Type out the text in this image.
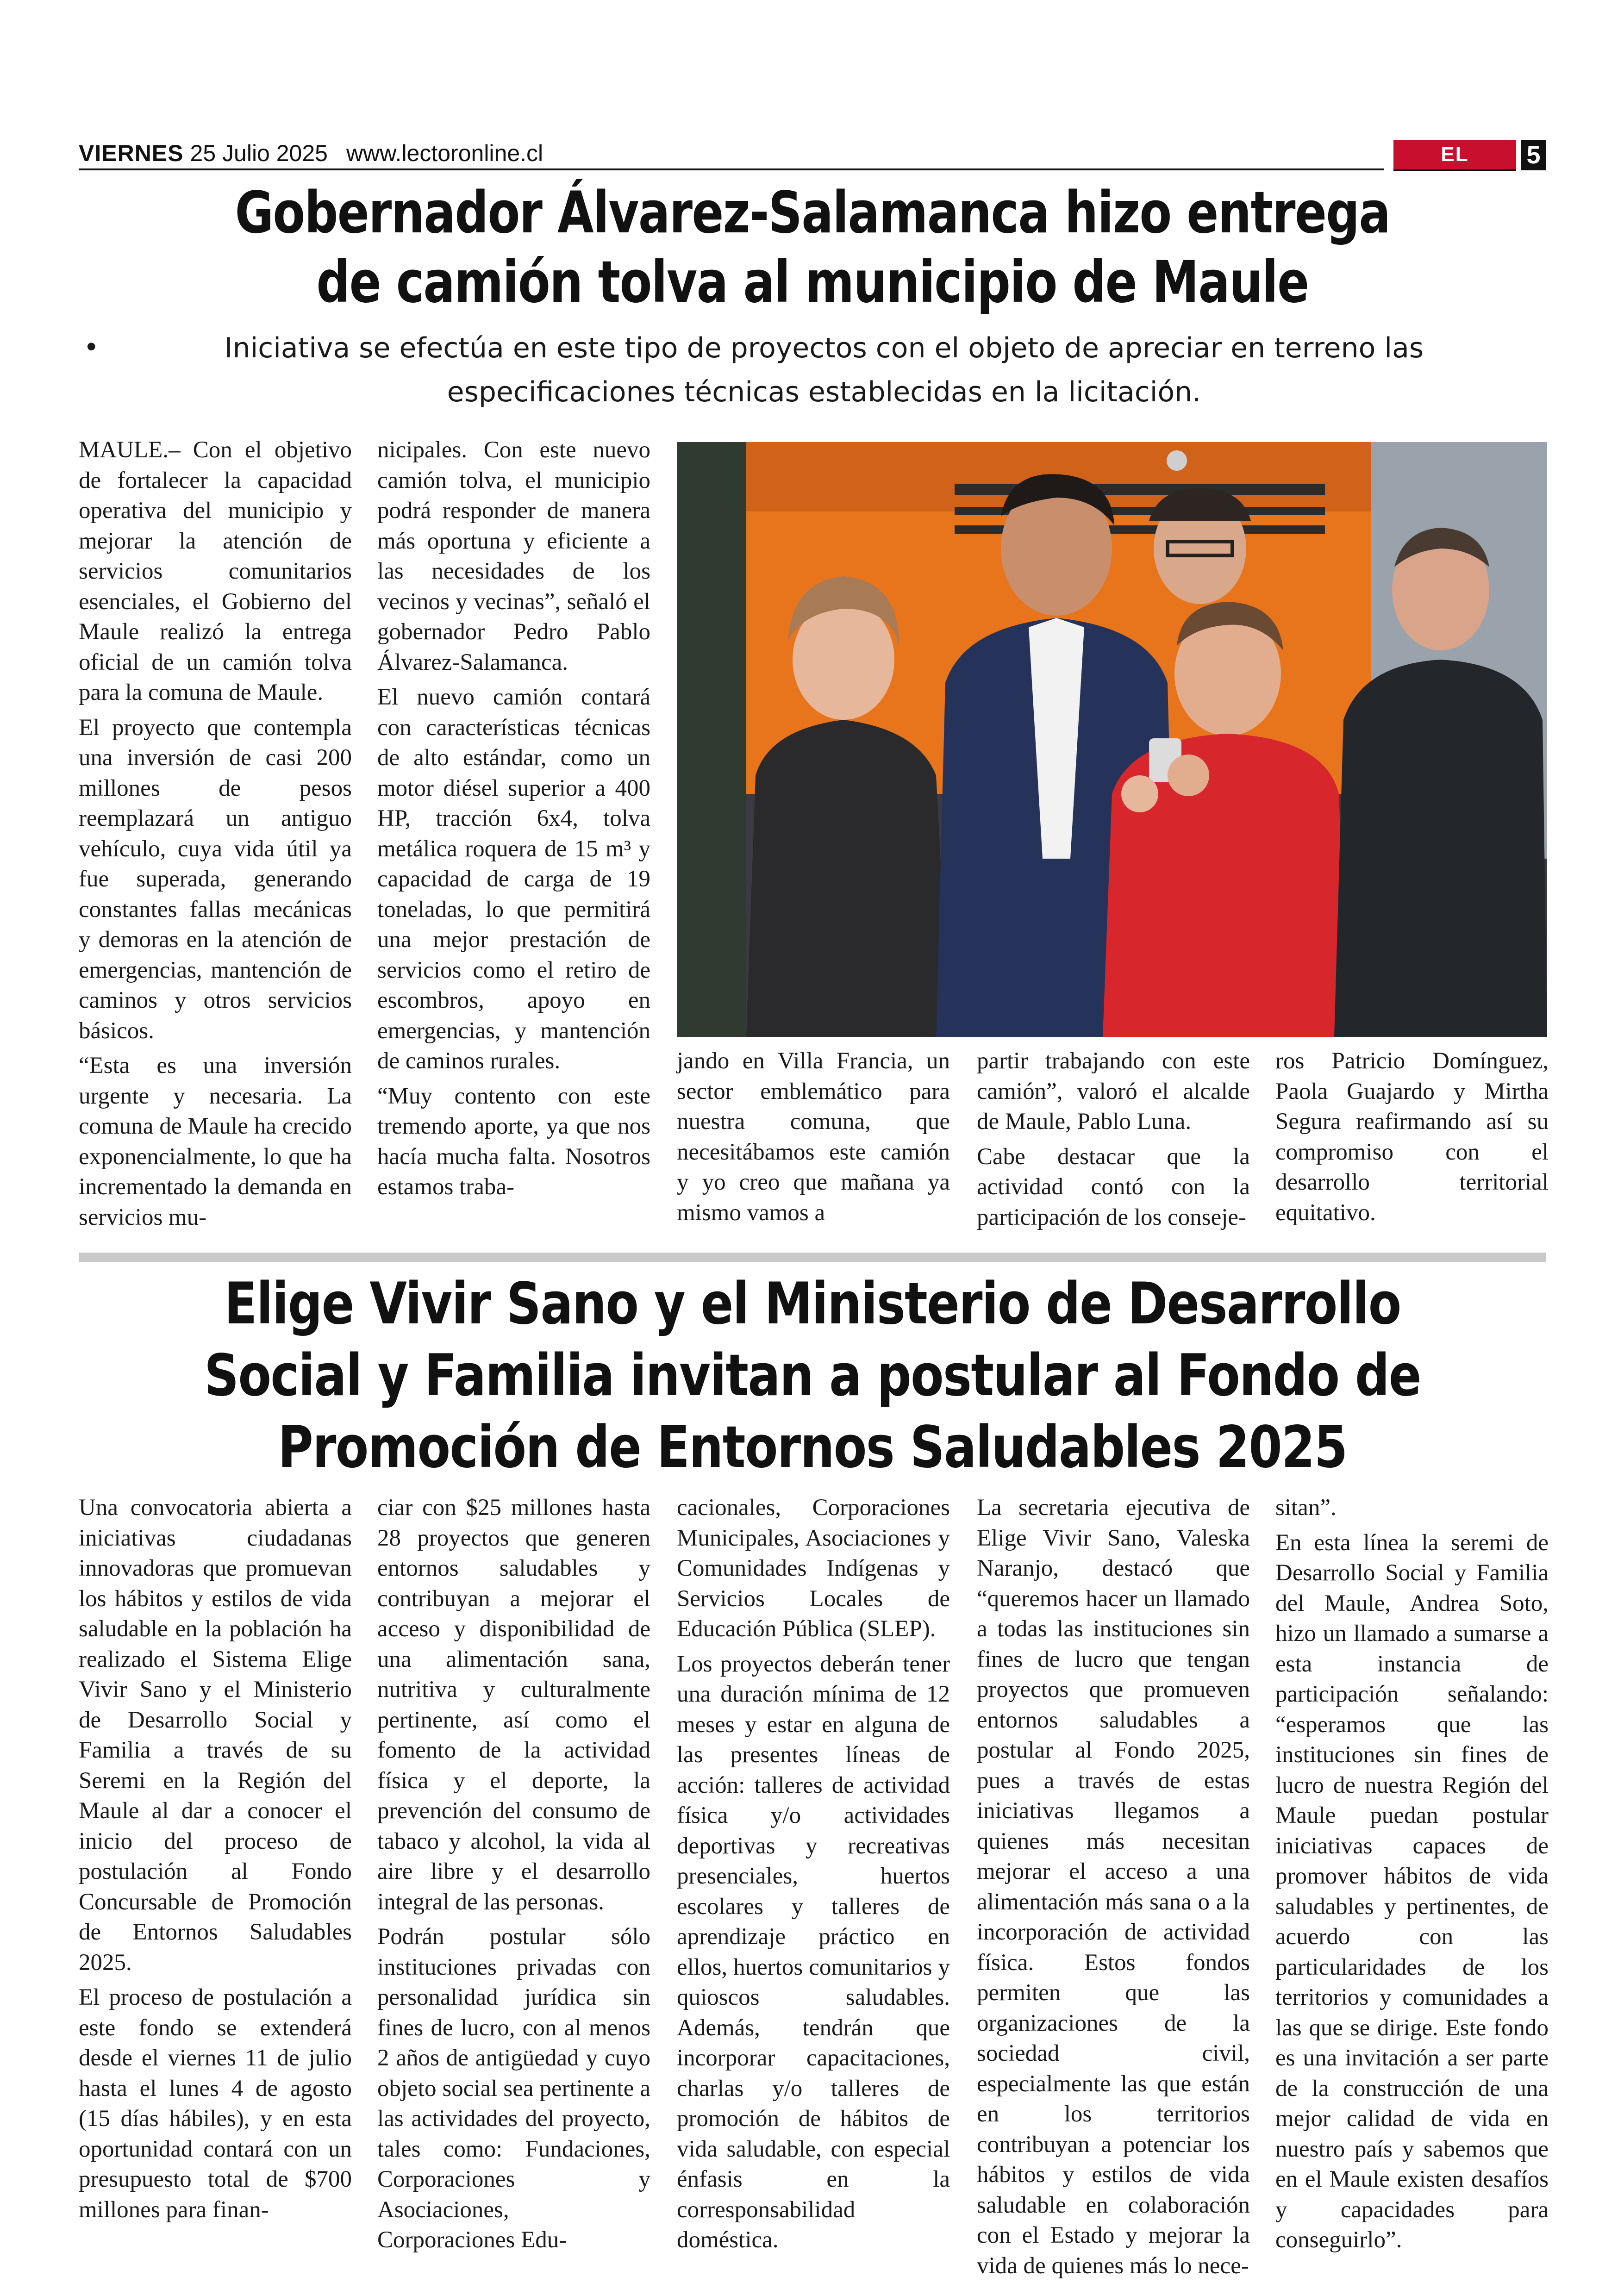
VIERNES 25 Julio 2025 www.lectoronline.cl	EL LECTOR
5
Gobernador Álvarez-Salamanca hizo entrega de camión tolva al municipio de Maule
•	Iniciativa se efectúa en este tipo de proyectos con el objeto de apreciar en terreno las especificaciones técnicas establecidas en la licitación.

MAULE.– Con el objetivo de fortalecer la capacidad operativa del municipio y mejorar la atención de servicios comunitarios esenciales, el Gobierno del Maule realizó la entrega oficial de un camión tolva para la comuna de Maule.

El proyecto que contempla una inversión de casi 200 millones de pesos reemplazará un antiguo vehículo, cuya vida útil ya fue superada, generando constantes fallas mecánicas y demoras en la atención de emergencias, mantención de caminos y otros servicios básicos.

“Esta es una inversión urgente y necesaria. La comuna de Maule ha crecido exponencialmente, lo que ha incrementado la demanda en servicios mu-

nicipales. Con este nuevo camión tolva, el municipio podrá responder de manera más oportuna y eficiente a las necesidades de los vecinos y vecinas”, señaló el gobernador Pedro Pablo Álvarez-Salamanca.

El nuevo camión contará con características técnicas de alto estándar, como un motor diésel superior a 400 HP, tracción 6x4, tolva metálica roquera de 15 m³ y capacidad de carga de 19 toneladas, lo que permitirá una mejor prestación de servicios como el retiro de escombros, apoyo en emergencias, y mantención de caminos rurales.

“Muy contento con este tremendo aporte, ya que nos hacía mucha falta. Nosotros estamos traba-

jando en Villa Francia, un sector emblemático para nuestra comuna, que necesitábamos este camión y yo creo que mañana ya mismo vamos a

partir trabajando con este camión”, valoró el alcalde de Maule, Pablo Luna.

Cabe destacar que la actividad contó con la participación de los conseje-

ros Patricio Domínguez, Paola Guajardo y Mirtha Segura reafirmando así su compromiso con el desarrollo territorial equitativo.

Elige Vivir Sano y el Ministerio de Desarrollo Social y Familia invitan a postular al Fondo de Promoción de Entornos Saludables 2025

Una convocatoria abierta a iniciativas ciudadanas innovadoras que promuevan los hábitos y estilos de vida saludable en la población ha realizado el Sistema Elige Vivir Sano y el Ministerio de Desarrollo Social y Familia a través de su Seremi en la Región del Maule al dar a conocer el inicio del proceso de postulación al Fondo Concursable de Promoción de Entornos Saludables 2025.

El proceso de postulación a este fondo se extenderá desde el viernes 11 de julio hasta el lunes 4 de agosto (15 días hábiles), y en esta oportunidad contará con un presupuesto total de $700 millones para finan-

ciar con $25 millones hasta 28 proyectos que generen entornos saludables y contribuyan a mejorar el acceso y disponibilidad de una alimentación sana, nutritiva y culturalmente pertinente, así como el fomento de la actividad física y el deporte, la prevención del consumo de tabaco y alcohol, la vida al aire libre y el desarrollo integral de las personas.

Podrán postular sólo instituciones privadas con personalidad jurídica sin fines de lucro, con al menos 2 años de antigüedad y cuyo objeto social sea pertinente a las actividades del proyecto, tales como: Fundaciones, Corporaciones y Asociaciones, Corporaciones Edu-

cacionales, Corporaciones Municipales, Asociaciones y Comunidades Indígenas y Servicios Locales de Educación Pública (SLEP).

Los proyectos deberán tener una duración mínima de 12 meses y estar en alguna de las presentes líneas de acción: talleres de actividad física y/o actividades deportivas y recreativas presenciales, huertos escolares y talleres de aprendizaje práctico en ellos, huertos comunitarios y quioscos saludables. Además, tendrán que incorporar capacitaciones, charlas y/o talleres de promoción de hábitos de vida saludable, con especial énfasis en la corresponsabilidad doméstica.

La secretaria ejecutiva de Elige Vivir Sano, Valeska Naranjo, destacó que “queremos hacer un llamado a todas las instituciones sin fines de lucro que tengan proyectos que promueven entornos saludables a postular al Fondo 2025, pues a través de estas iniciativas llegamos a quienes más necesitan mejorar el acceso a una alimentación más sana o a la incorporación de actividad física. Estos fondos permiten que las organizaciones de la sociedad civil, especialmente las que están en los territorios contribuyan a potenciar los hábitos y estilos de vida saludable en colaboración con el Estado y mejorar la vida de quienes más lo nece-

sitan”.

En esta línea la seremi de Desarrollo Social y Familia del Maule, Andrea Soto, hizo un llamado a sumarse a esta instancia de participación señalando: “esperamos que las instituciones sin fines de lucro de nuestra Región del Maule puedan postular iniciativas capaces de promover hábitos de vida saludables y pertinentes, de acuerdo con las particularidades de los territorios y comunidades a las que se dirige. Este fondo es una invitación a ser parte de la construcción de una mejor calidad de vida en nuestro país y sabemos que en el Maule existen desafíos y capacidades para conseguirlo”.
